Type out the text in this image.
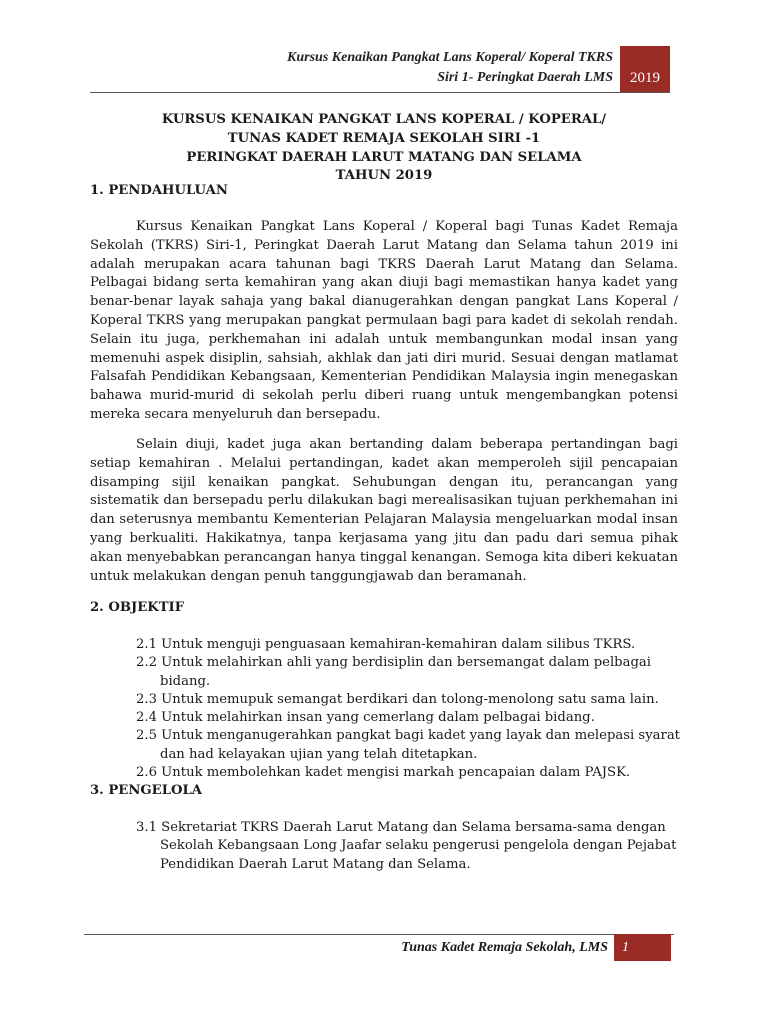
Kursus Kenaikan Pangkat Lans Koperal/ Koperal TKRS
Siri 1- Peringkat Daerah LMS	2019
KURSUS KENAIKAN PANGKAT LANS KOPERAL / KOPERAL/
TUNAS KADET REMAJA SEKOLAH SIRI -1
PERINGKAT DAERAH LARUT MATANG DAN SELAMA
TAHUN 2019
1. PENDAHULUAN

Kursus Kenaikan Pangkat Lans Koperal / Koperal bagi Tunas Kadet Remaja Sekolah (TKRS) Siri-1, Peringkat Daerah Larut Matang dan Selama tahun 2019 ini adalah merupakan acara tahunan bagi TKRS Daerah Larut Matang dan Selama. Pelbagai bidang serta kemahiran yang akan diuji bagi memastikan hanya kadet yang benar-benar layak sahaja yang bakal dianugerahkan dengan pangkat Lans Koperal / Koperal TKRS yang merupakan pangkat permulaan bagi para kadet di sekolah rendah. Selain itu juga, perkhemahan ini adalah untuk membangunkan modal insan yang memenuhi aspek disiplin, sahsiah, akhlak dan jati diri murid. Sesuai dengan matlamat Falsafah Pendidikan Kebangsaan, Kementerian Pendidikan Malaysia ingin menegaskan bahawa murid-murid di sekolah perlu diberi ruang untuk mengembangkan potensi mereka secara menyeluruh dan bersepadu.

Selain diuji, kadet juga akan bertanding dalam beberapa pertandingan bagi setiap kemahiran . Melalui pertandingan, kadet akan memperoleh sijil pencapaian disamping sijil kenaikan pangkat. Sehubungan dengan itu, perancangan yang sistematik dan bersepadu perlu dilakukan bagi merealisasikan tujuan perkhemahan ini dan seterusnya membantu Kementerian Pelajaran Malaysia mengeluarkan modal insan yang berkualiti. Hakikatnya, tanpa kerjasama yang jitu dan padu dari semua pihak akan menyebabkan perancangan hanya tinggal kenangan. Semoga kita diberi kekuatan untuk melakukan dengan penuh tanggungjawab dan beramanah.

2. OBJEKTIF
2.1 Untuk menguji penguasaan kemahiran-kemahiran dalam silibus TKRS.
2.2 Untuk melahirkan ahli yang berdisiplin dan bersemangat dalam pelbagai bidang.
2.3 Untuk memupuk semangat berdikari dan tolong-menolong satu sama lain.
2.4 Untuk melahirkan insan yang cemerlang dalam pelbagai bidang.
2.5 Untuk menganugerahkan pangkat bagi kadet yang layak dan melepasi syarat dan had kelayakan ujian yang telah ditetapkan.
2.6 Untuk membolehkan kadet mengisi markah pencapaian dalam PAJSK.
3. PENGELOLA
3.1 Sekretariat TKRS Daerah Larut Matang dan Selama bersama-sama dengan Sekolah Kebangsaan Long Jaafar selaku pengerusi pengelola dengan Pejabat Pendidikan Daerah Larut Matang dan Selama.
Tunas Kadet Remaja Sekolah, LMS	1
